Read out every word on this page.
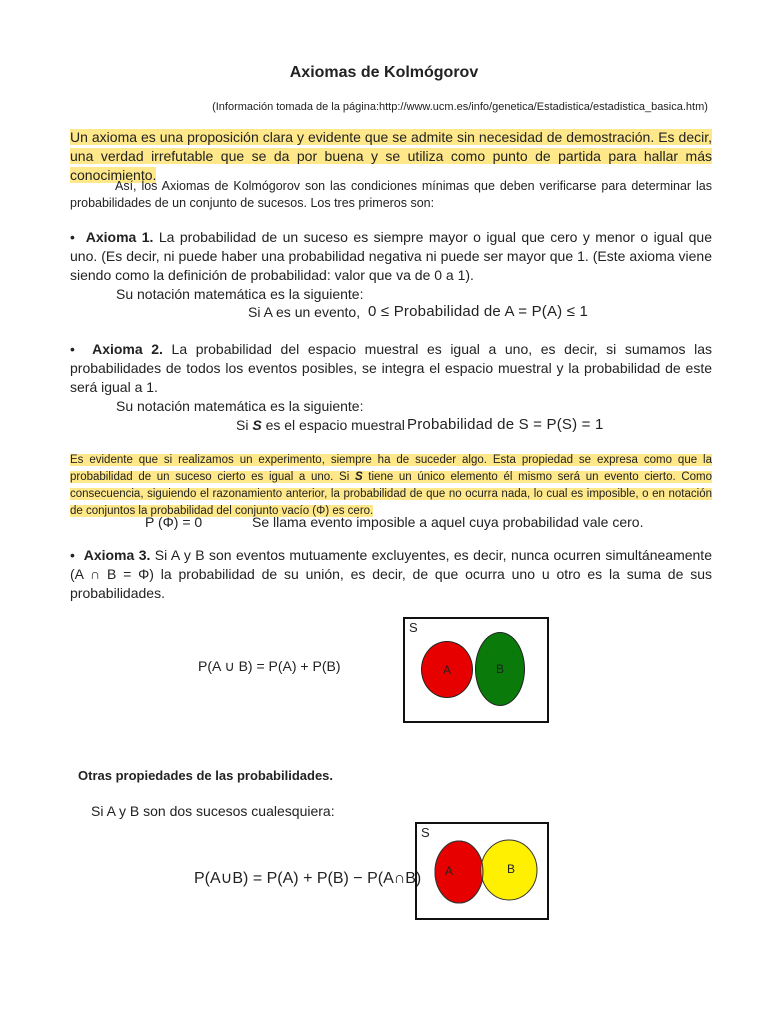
Axiomas de Kolmógorov
(Información tomada de la página:http://www.ucm.es/info/genetica/Estadistica/estadistica_basica.htm)
Un axioma es una proposición clara y evidente que se admite sin necesidad de demostración. Es decir, una verdad irrefutable que se da por buena y se utiliza como punto de partida para hallar más conocimiento.
Así, los Axiomas de Kolmógorov son las condiciones mínimas que deben verificarse para determinar las probabilidades de un conjunto de sucesos. Los tres primeros son:
•  Axioma 1. La probabilidad de un suceso es siempre mayor o igual que cero y menor o igual que uno. (Es decir, ni puede haber una probabilidad negativa ni puede ser mayor que 1. (Este axioma viene siendo como la definición de probabilidad: valor que va de 0 a 1).
Su notación matemática es la siguiente:
Si A es un evento, 0 ≤ Probabilidad de A = P(A) ≤ 1
•  Axioma 2. La probabilidad del espacio muestral es igual a uno, es decir, si sumamos las probabilidades de todos los eventos posibles, se integra el espacio muestral y la probabilidad de este será igual a 1.
Su notación matemática es la siguiente:
Si S es el espacio muestral Probabilidad de S = P(S) = 1
Es evidente que si realizamos un experimento, siempre ha de suceder algo. Esta propiedad se expresa como que la probabilidad de un suceso cierto es igual a uno. Si S tiene un único elemento él mismo será un evento cierto. Como consecuencia, siguiendo el razonamiento anterior, la probabilidad de que no ocurra nada, lo cual es imposible, o en notación de conjuntos la probabilidad del conjunto vacío (Φ) es cero.
P (Φ) = 0	Se llama evento imposible a aquel cuya probabilidad vale cero.
•  Axioma 3. Si A y B son eventos mutuamente excluyentes, es decir, nunca ocurren simultáneamente (A ∩ B = Φ) la probabilidad de su unión, es decir, de que ocurra uno u otro es la suma de sus probabilidades.
P(A ∪ B) = P(A) + P(B)
S
A	B
Otras propiedades de las probabilidades.
Si A y B son dos sucesos cualesquiera:
P(A∪B) = P(A) + P(B) − P(A∩B)
S
A	B
